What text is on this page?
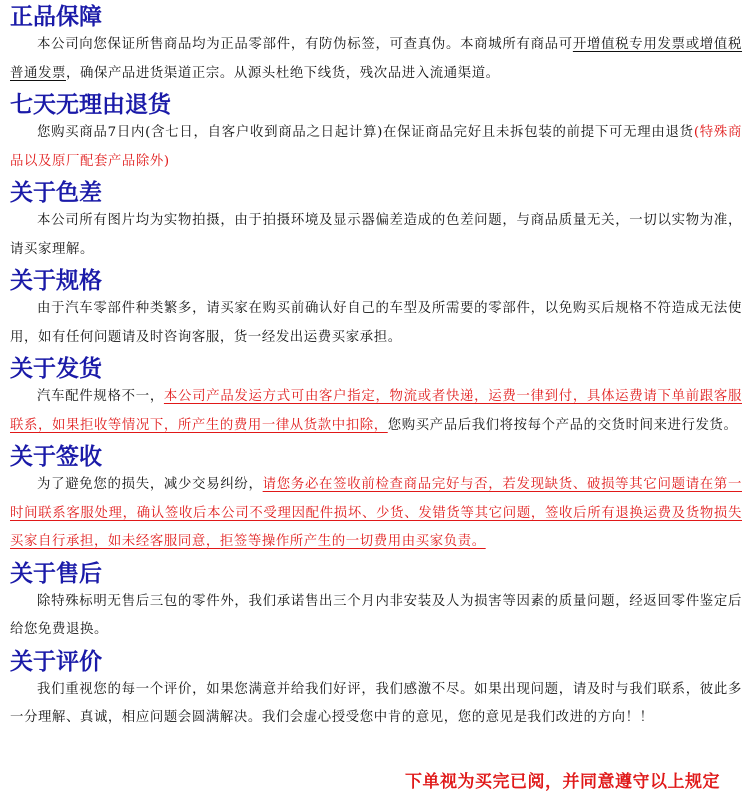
正品保障

本公司向您保证所售商品均为正品零部件，有防伪标签，可查真伪。本商城所有商品可开增值税专用发票或增值税普通发票，确保产品进货渠道正宗。从源头杜绝下线货，残次品进入流通渠道。

七天无理由退货

您购买商品7日内(含七日，自客户收到商品之日起计算)在保证商品完好且未拆包装的前提下可无理由退货(特殊商品以及原厂配套产品除外)

关于色差

本公司所有图片均为实物拍摄，由于拍摄环境及显示器偏差造成的色差问题，与商品质量无关，一切以实物为准，请买家理解。

关于规格

由于汽车零部件种类繁多，请买家在购买前确认好自己的车型及所需要的零部件，以免购买后规格不符造成无法使用，如有任何问题请及时咨询客服，货一经发出运费买家承担。

关于发货

汽车配件规格不一，本公司产品发运方式可由客户指定，物流或者快递，运费一律到付，具体运费请下单前跟客服联系，如果拒收等情况下，所产生的费用一律从货款中扣除，您购买产品后我们将按每个产品的交货时间来进行发货。

关于签收

为了避免您的损失，减少交易纠纷，请您务必在签收前检查商品完好与否，若发现缺货、破损等其它问题请在第一时间联系客服处理，确认签收后本公司不受理因配件损坏、少货、发错货等其它问题，签收后所有退换运费及货物损失买家自行承担，如未经客服同意，拒签等操作所产生的一切费用由买家负责。

关于售后

除特殊标明无售后三包的零件外，我们承诺售出三个月内非安装及人为损害等因素的质量问题，经返回零件鉴定后给您免费退换。

关于评价

我们重视您的每一个评价，如果您满意并给我们好评，我们感激不尽。如果出现问题，请及时与我们联系，彼此多一分理解、真诚，相应问题会圆满解决。我们会虚心授受您中肯的意见，您的意见是我们改进的方向！！

下单视为买完已阅，并同意遵守以上规定
